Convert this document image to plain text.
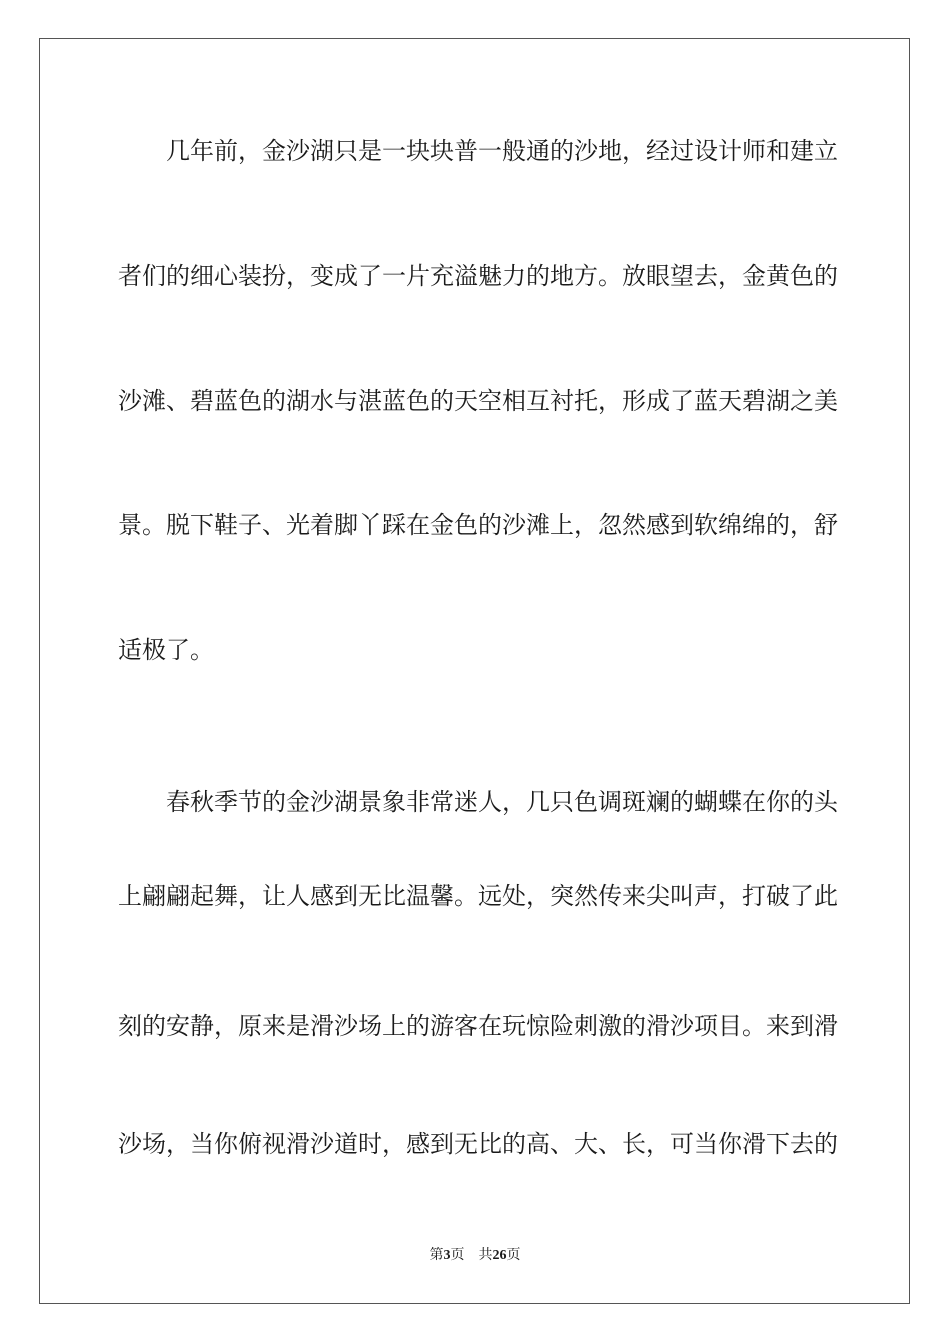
几年前，金沙湖只是一块块普一般通的沙地，经过设计师和建立
者们的细心装扮，变成了一片充溢魅力的地方。放眼望去，金黄色的
沙滩、碧蓝色的湖水与湛蓝色的天空相互衬托，形成了蓝天碧湖之美
景。脱下鞋子、光着脚丫踩在金色的沙滩上，忽然感到软绵绵的，舒
适极了。
春秋季节的金沙湖景象非常迷人，几只色调斑斓的蝴蝶在你的头
上翩翩起舞，让人感到无比温馨。远处，突然传来尖叫声，打破了此
刻的安静，原来是滑沙场上的游客在玩惊险刺激的滑沙项目。来到滑
沙场，当你俯视滑沙道时，感到无比的高、大、长，可当你滑下去的
第3页 共26页
